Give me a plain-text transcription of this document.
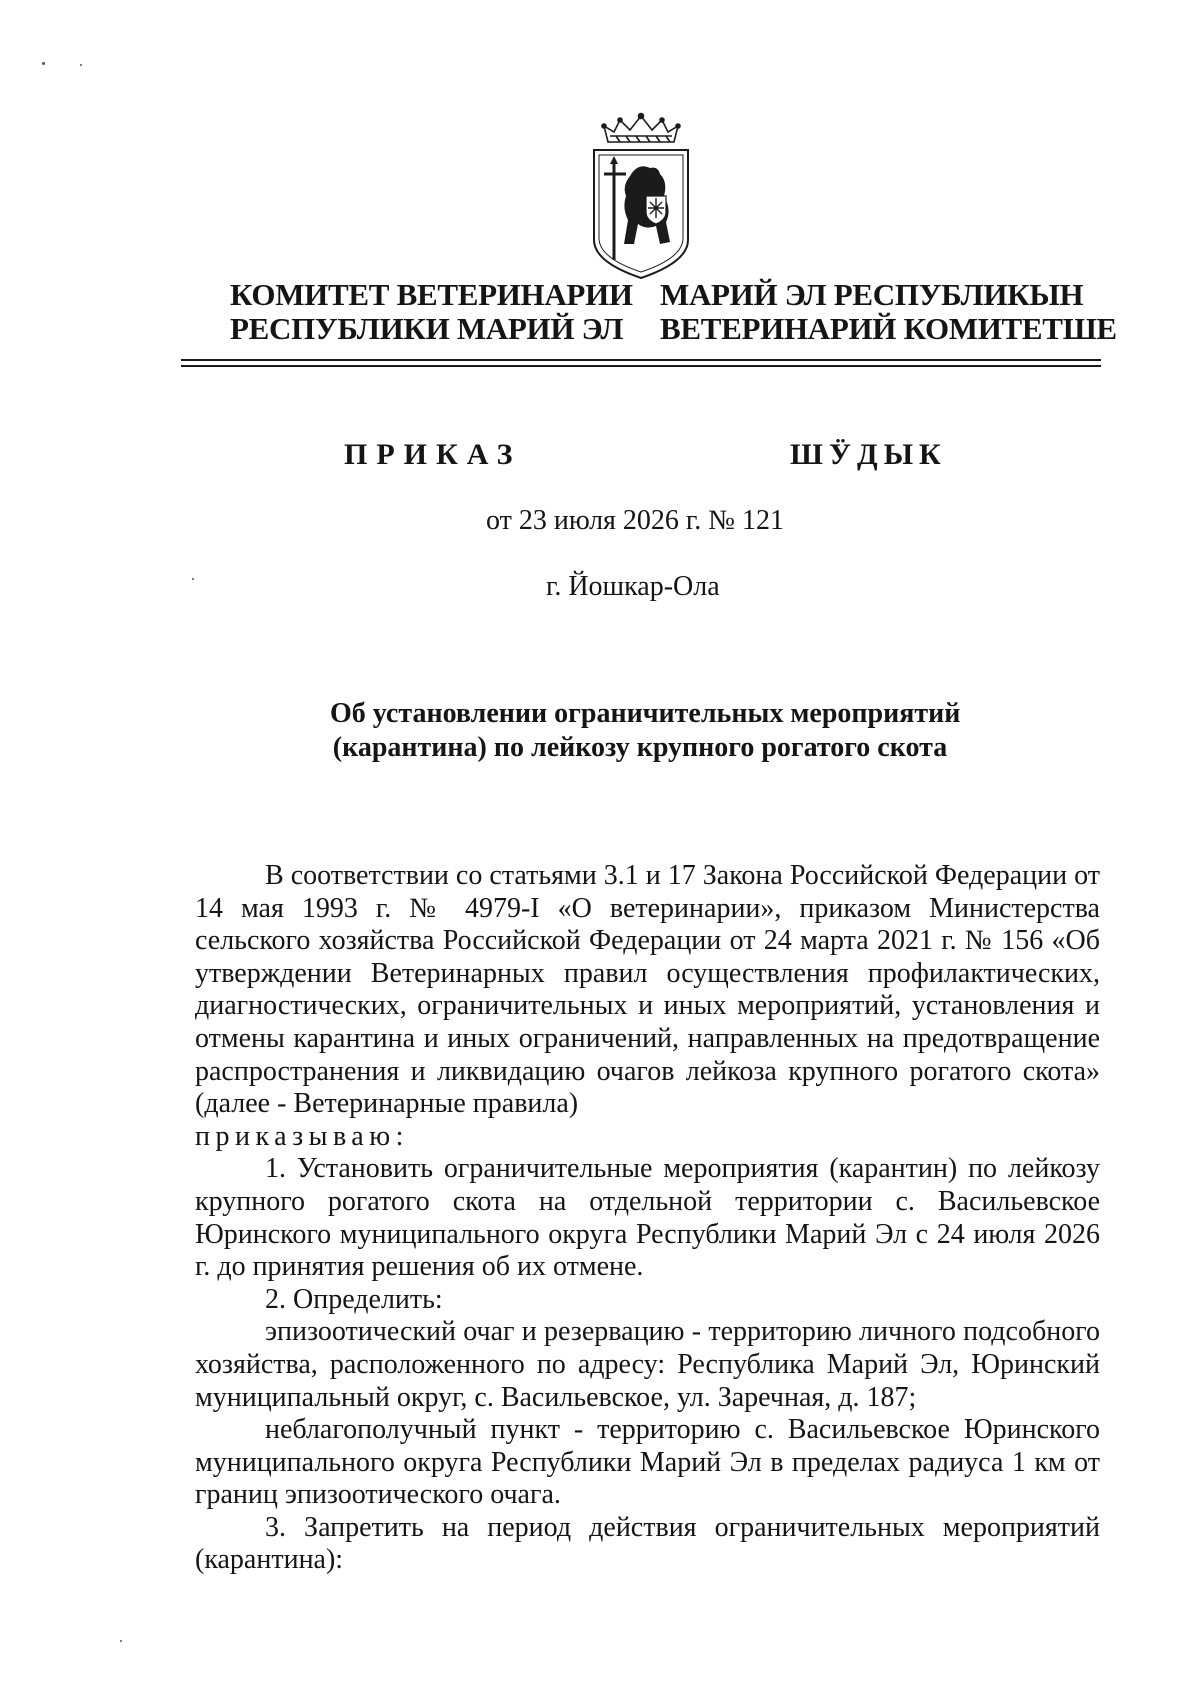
КОМИТЕТ ВЕТЕРИНАРИИ
РЕСПУБЛИКИ МАРИЙ ЭЛ
МАРИЙ ЭЛ РЕСПУБЛИКЫН
ВЕТЕРИНАРИЙ КОМИТЕТШЕ
ПРИКАЗ	ШӰДЫК
от 23 июля 2026 г. № 121
г. Йошкар-Ола
Об установлении ограничительных мероприятий
(карантина) по лейкозу крупного рогатого скота

В соответствии со статьями 3.1 и 17 Закона Российской Федерации от 14 мая 1993 г. № 4979-I «О ветеринарии», приказом Министерства сельского хозяйства Российской Федерации от 24 марта 2021 г. № 156 «Об утверждении Ветеринарных правил осуществления профилактических, диагностических, ограничительных и иных мероприятий, установления и отмены карантина и иных ограничений, направленных на предотвращение распространения и ликвидацию очагов лейкоза крупного рогатого скота» (далее - Ветеринарные правила)

приказываю:

1. Установить ограничительные мероприятия (карантин) по лейкозу крупного рогатого скота на отдельной территории с. Васильевское Юринского муниципального округа Республики Марий Эл с 24 июля 2026 г. до принятия решения об их отмене.

2. Определить:

эпизоотический очаг и резервацию - территорию личного подсобного хозяйства, расположенного по адресу: Республика Марий Эл, Юринский муниципальный округ, с. Васильевское, ул. Заречная, д. 187;

неблагополучный пункт - территорию с. Васильевское Юринского муниципального округа Республики Марий Эл в пределах радиуса 1 км от границ эпизоотического очага.

3. Запретить на период действия ограничительных мероприятий (карантина):
